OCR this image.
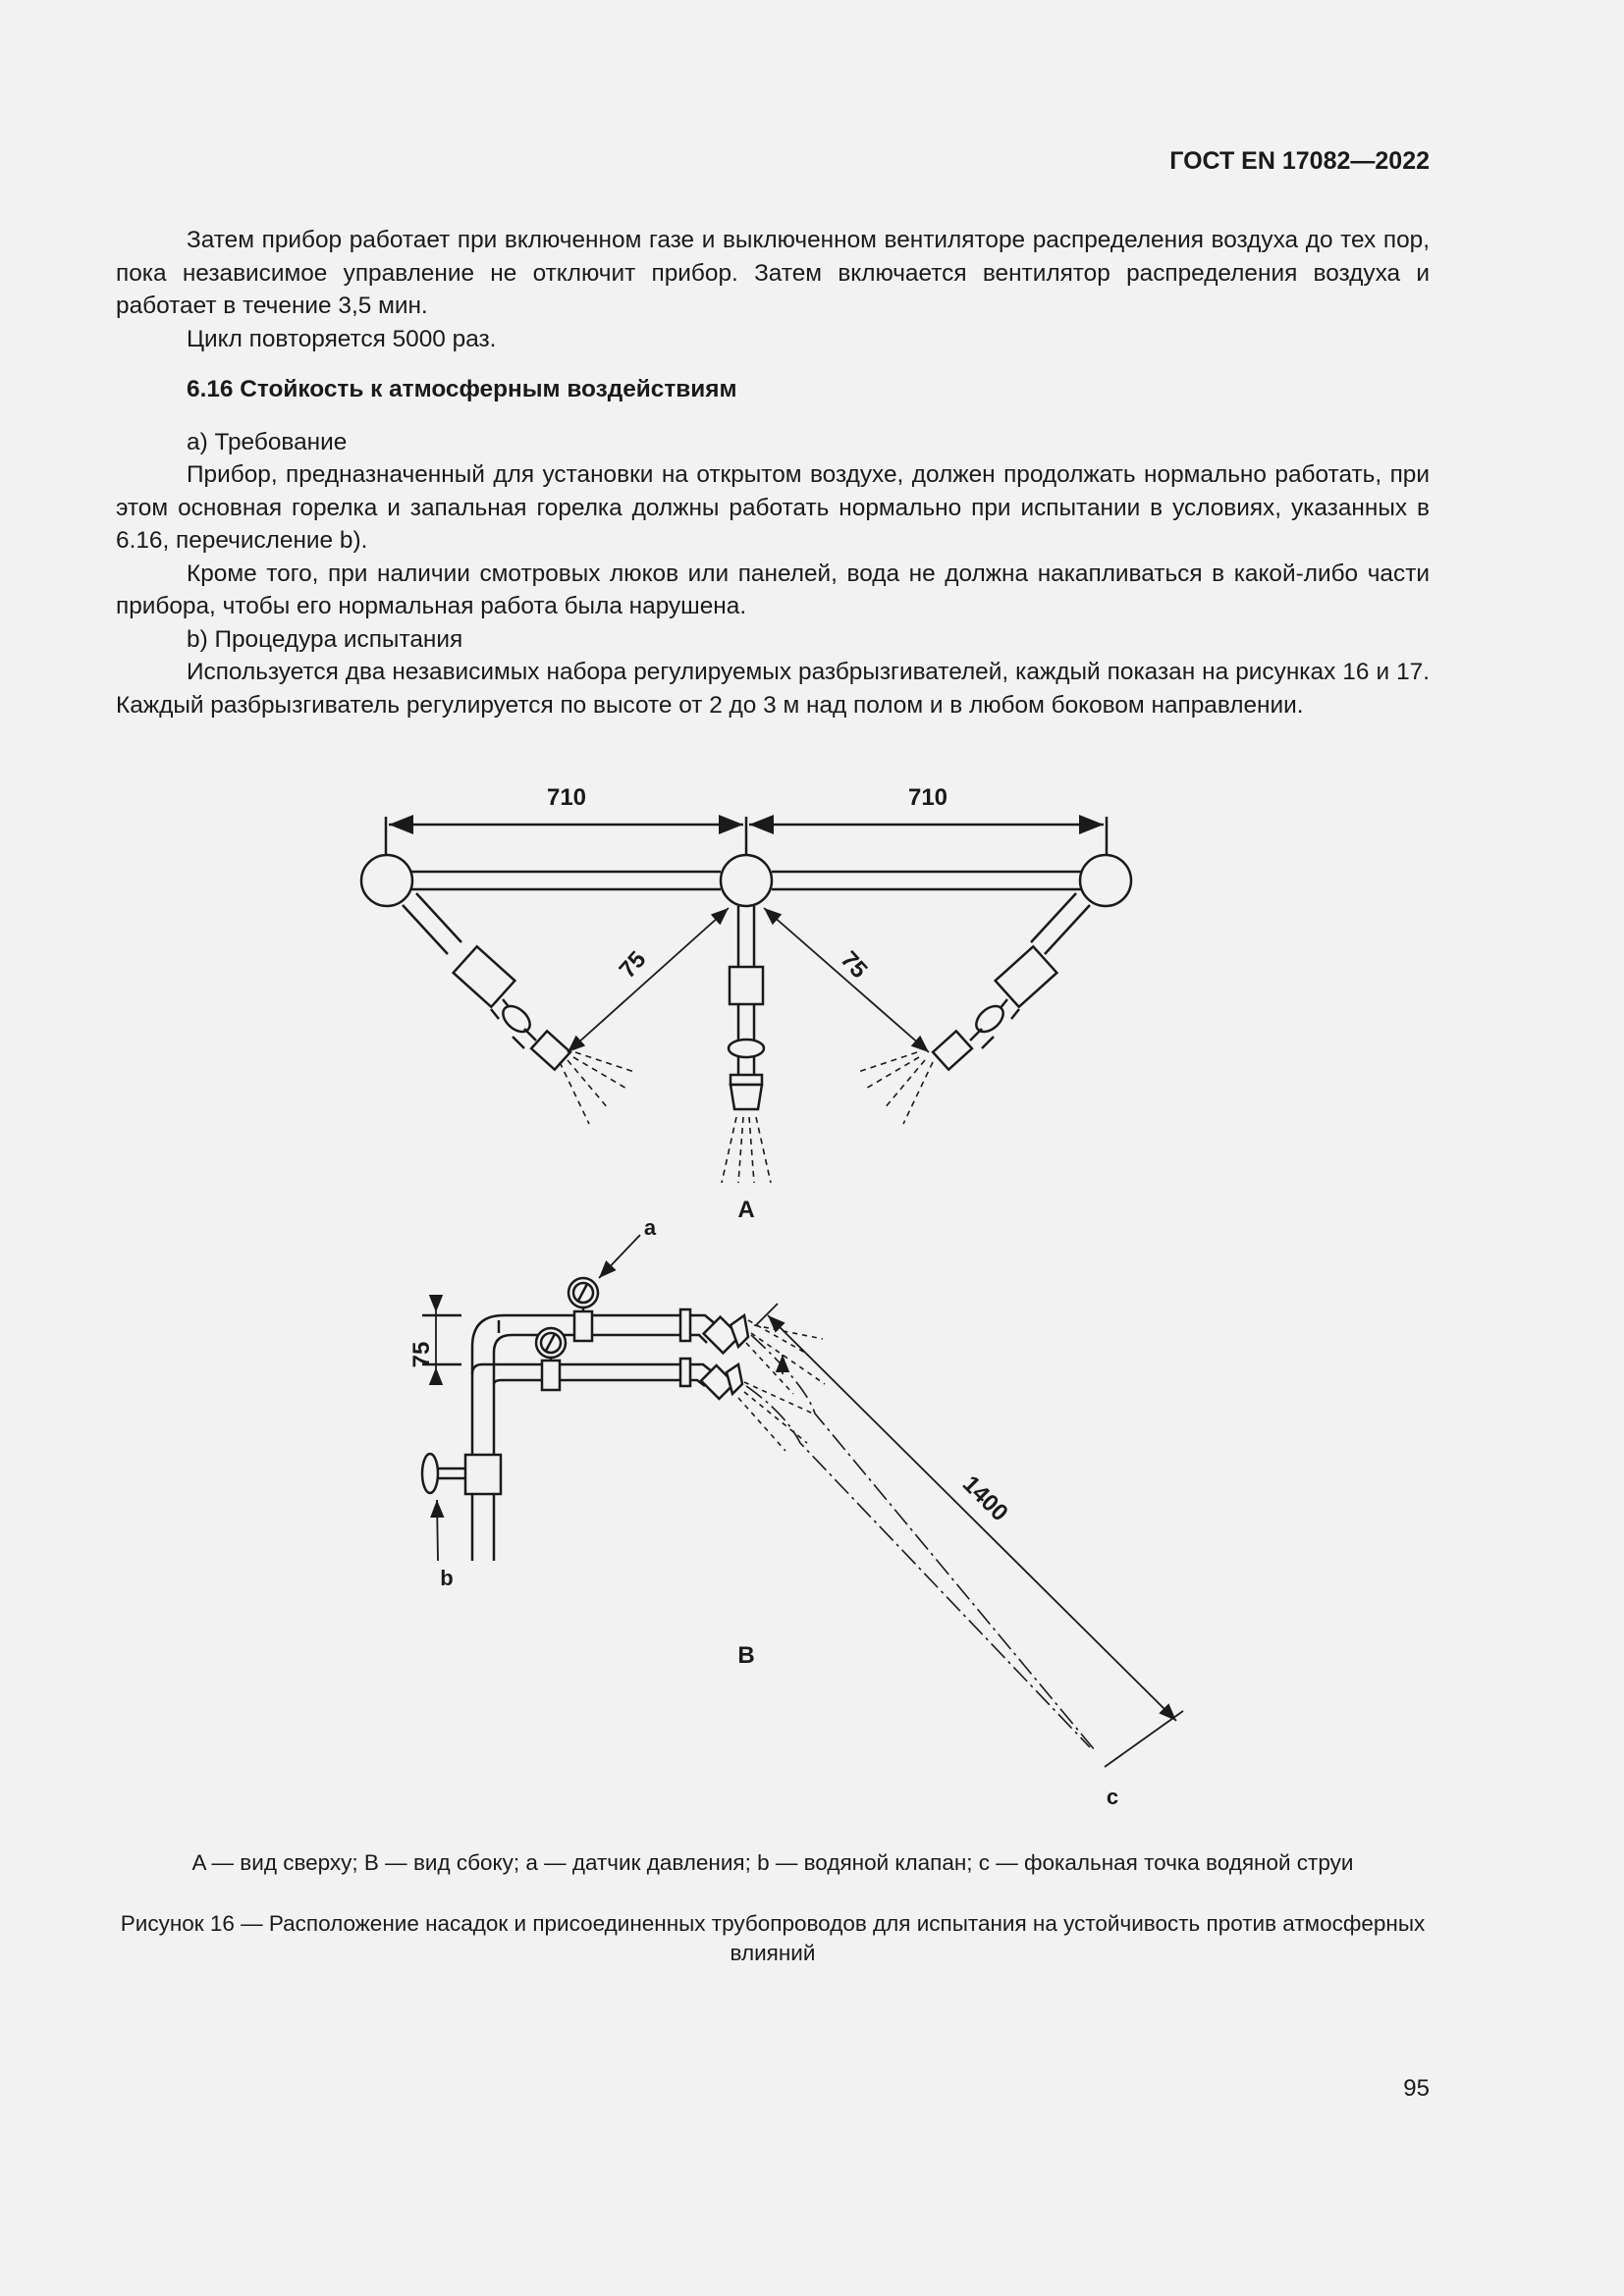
ГОСТ EN 17082—2022

Затем прибор работает при включенном газе и выключенном вентиляторе распределения воздуха до тех пор, пока независимое управление не отключит прибор. Затем включается вентилятор распределения воздуха и работает в течение 3,5 мин.

Цикл повторяется 5000 раз.

6.16 Стойкость к атмосферным воздействиям

a) Требование

Прибор, предназначенный для установки на открытом воздухе, должен продолжать нормально работать, при этом основная горелка и запальная горелка должны работать нормально при испытании в условиях, указанных в 6.16, перечисление b).

Кроме того, при наличии смотровых люков или панелей, вода не должна накапливаться в какой-либо части прибора, чтобы его нормальная работа была нарушена.

b) Процедура испытания

Используется два независимых набора регулируемых разбрызгивателей, каждый показан на рисунках 16 и 17. Каждый разбрызгиватель регулируется по высоте от 2 до 3 м над полом и в любом боковом направлении.

710	710
75	75
A
a
75
b
B
1400
c
A — вид сверху; B — вид сбоку; a — датчик давления; b — водяной клапан; c — фокальная точка водяной струи
Рисунок 16 — Расположение насадок и присоединенных трубопроводов для испытания на устойчивость против атмосферных влияний
95
